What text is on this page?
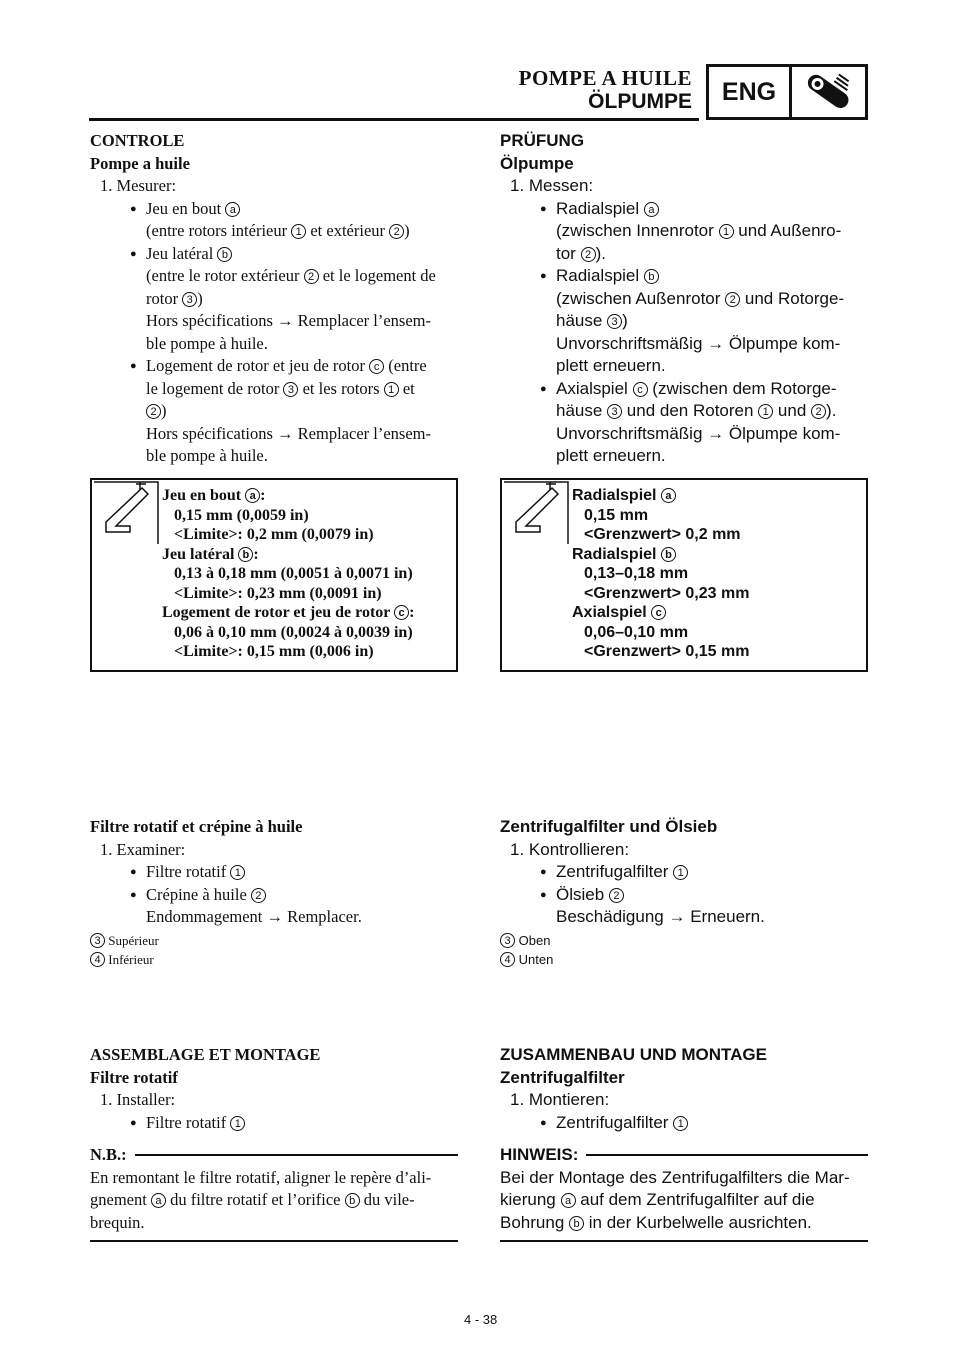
POMPE A HUILE
ÖLPUMPE	ENG
CONTROLE
Pompe a huile
1. Mesurer:
● Jeu en bout a
(entre rotors intérieur 1 et extérieur 2 )
● Jeu latéral b
(entre le rotor extérieur 2 et le logement de
rotor 3 )
Hors spécifications → Remplacer l’ensem-
ble pompe à huile.
● Logement de rotor et jeu de rotor c (entre
le logement de rotor 3 et les rotors 1 et
2 )
Hors spécifications → Remplacer l’ensem-
ble pompe à huile.
Jeu en bout a :
0,15 mm (0,0059 in)
<Limite>: 0,2 mm (0,0079 in)
Jeu latéral b :
0,13 à 0,18 mm (0,0051 à 0,0071 in)
<Limite>: 0,23 mm (0,0091 in)
Logement de rotor et jeu de rotor c :
0,06 à 0,10 mm (0,0024 à 0,0039 in)
<Limite>: 0,15 mm (0,006 in)
PRÜFUNG
Ölpumpe
1. Messen:
● Radialspiel a
(zwischen Innenrotor 1 und Außenro-
tor 2 ).
● Radialspiel b
(zwischen Außenrotor 2 und Rotorge-
häuse 3 )
Unvorschriftsmäßig → Ölpumpe kom-
plett erneuern.
● Axialspiel c (zwischen dem Rotorge-
häuse 3 und den Rotoren 1 und 2 ).
Unvorschriftsmäßig → Ölpumpe kom-
plett erneuern.
Radialspiel a
0,15 mm
<Grenzwert> 0,2 mm
Radialspiel b
0,13–0,18 mm
<Grenzwert> 0,23 mm
Axialspiel c
0,06–0,10 mm
<Grenzwert> 0,15 mm
Filtre rotatif et crépine à huile
1. Examiner:
● Filtre rotatif 1
● Crépine à huile 2
Endommagement → Remplacer.
3 Supérieur
4 Inférieur
Zentrifugalfilter und Ölsieb
1. Kontrollieren:
● Zentrifugalfilter 1
● Ölsieb 2
Beschädigung → Erneuern.
3 Oben
4 Unten
ASSEMBLAGE ET MONTAGE
Filtre rotatif
1. Installer:
● Filtre rotatif 1
N.B.:
En remontant le filtre rotatif, aligner le repère d’ali-
gnement a du filtre rotatif et l’orifice b du vile-
brequin.
ZUSAMMENBAU UND MONTAGE
Zentrifugalfilter
1. Montieren:
● Zentrifugalfilter 1
HINWEIS:
Bei der Montage des Zentrifugalfilters die Mar-
kierung a auf dem Zentrifugalfilter auf die
Bohrung b in der Kurbelwelle ausrichten.
4 - 38
